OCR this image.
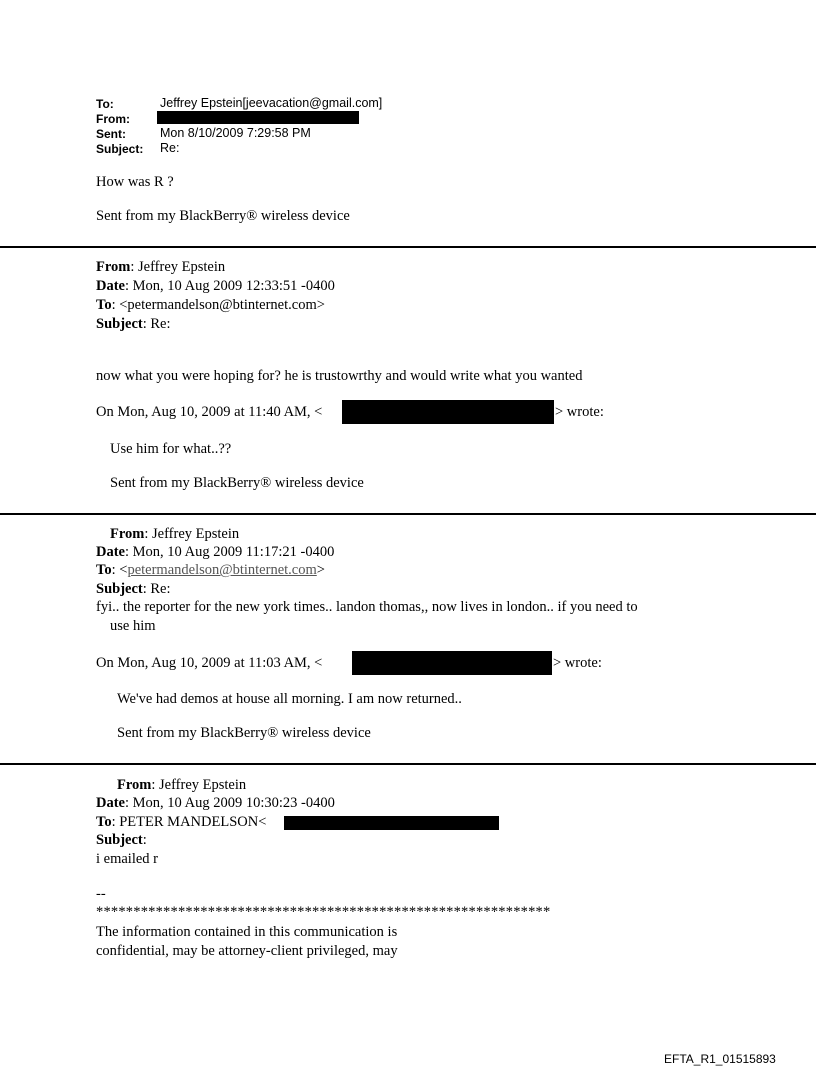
To:	Jeffrey Epstein[jeevacation@gmail.com]
From:
Sent:	Mon 8/10/2009 7:29:58 PM
Subject: Re:
How was R ?
Sent from my BlackBerry® wireless device
From: Jeffrey Epstein
Date: Mon, 10 Aug 2009 12:33:51 -0400
To: <petermandelson@btinternet.com>
Subject: Re:
now what you were hoping for? he is trustowrthy and would write what you wanted
On Mon, Aug 10, 2009 at 11:40 AM, <	> wrote:
Use him for what..??
Sent from my BlackBerry® wireless device
From: Jeffrey Epstein
Date: Mon, 10 Aug 2009 11:17:21 -0400
To: <petermandelson@btinternet.com>
Subject: Re:
fyi.. the reporter for the new york times.. landon thomas,, now lives in london.. if you need to
use him
On Mon, Aug 10, 2009 at 11:03 AM, <	> wrote:
We've had demos at house all morning. I am now returned..
Sent from my BlackBerry® wireless device
From: Jeffrey Epstein
Date: Mon, 10 Aug 2009 10:30:23 -0400
To: PETER MANDELSON<
Subject:
i emailed r
--
*************************************************************
The information contained in this communication is
confidential, may be attorney-client privileged, may
EFTA_R1_01515893
